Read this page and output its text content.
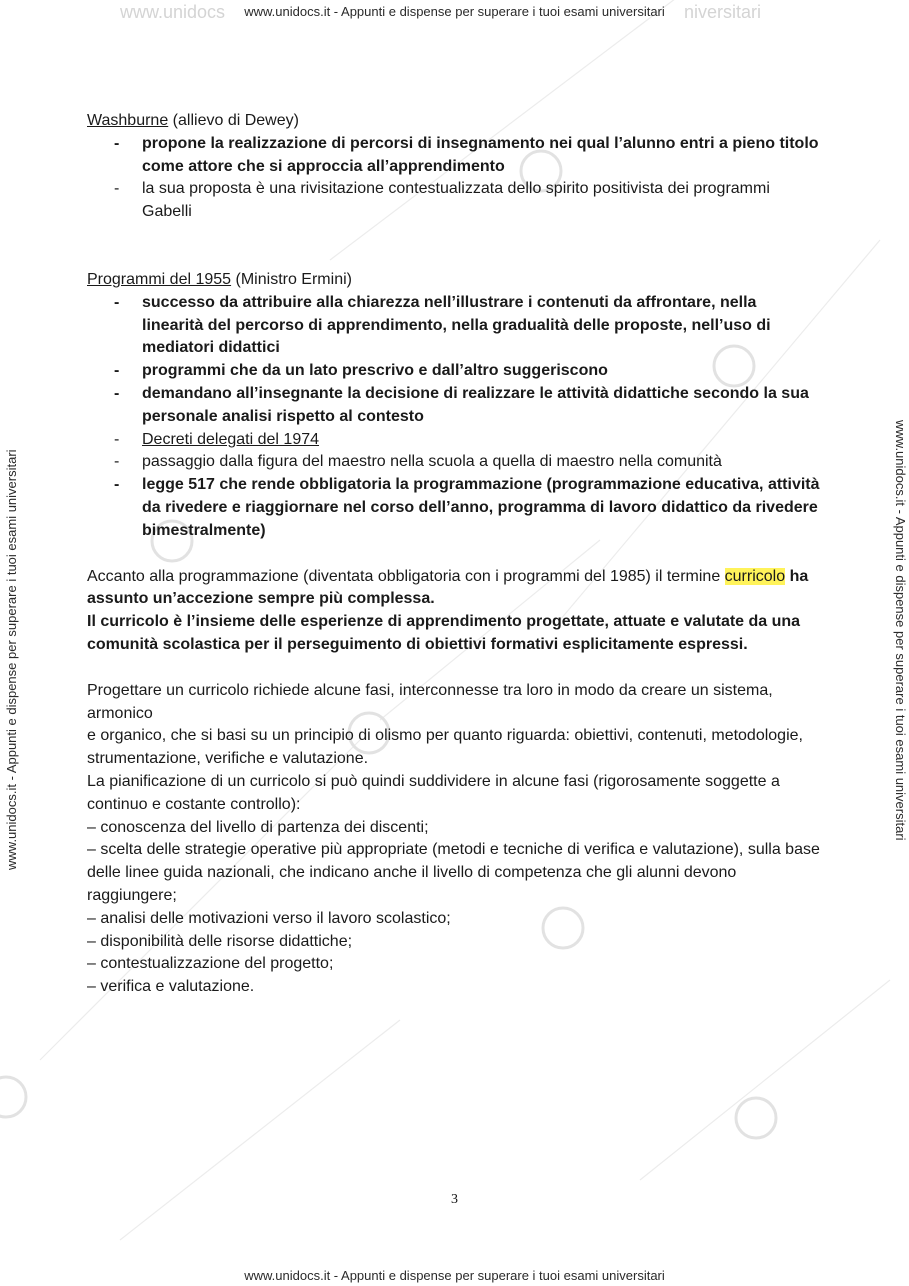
www.unidocs.it - Appunti e dispense per superare i tuoi esami universitari
www.unidocs	niversitari
www.unidocs.it - Appunti e dispense per superare i tuoi esami universitari	www.unidocs.it - Appunti e dispense per superare i tuoi esami universitari

Washburne (allievo di Dewey)

- propone la realizzazione di percorsi di insegnamento nei qual l’alunno entri a pieno titolo come attore che si approccia all’apprendimento
- la sua proposta è una rivisitazione contestualizzata dello spirito positivista dei programmi Gabelli

Programmi del 1955 (Ministro Ermini)

- successo da attribuire alla chiarezza nell’illustrare i contenuti da affrontare, nella linearità del percorso di apprendimento, nella gradualità delle proposte, nell’uso di mediatori didattici
- programmi che da un lato prescrivo e dall’altro suggeriscono
- demandano all’insegnante la decisione di realizzare le attività didattiche secondo la sua personale analisi rispetto al contesto
- Decreti delegati del 1974
- passaggio dalla figura del maestro nella scuola a quella di maestro nella comunità
- legge 517 che rende obbligatoria la programmazione (programmazione educativa, attività da rivedere e riaggiornare nel corso dell’anno, programma di lavoro didattico da rivedere bimestralmente)

Accanto alla programmazione (diventata obbligatoria con i programmi del 1985) il termine curricolo ha assunto un’accezione sempre più complessa.

Il curricolo è l’insieme delle esperienze di apprendimento progettate, attuate e valutate da una comunità scolastica per il perseguimento di obiettivi formativi esplicitamente espressi.

Progettare un curricolo richiede alcune fasi, interconnesse tra loro in modo da creare un sistema, armonico

e organico, che si basi su un principio di olismo per quanto riguarda: obiettivi, contenuti, metodologie, strumentazione, verifiche e valutazione.

La pianificazione di un curricolo si può quindi suddividere in alcune fasi (rigorosamente soggette a continuo e costante controllo):

– conoscenza del livello di partenza dei discenti;

– scelta delle strategie operative più appropriate (metodi e tecniche di verifica e valutazione), sulla base delle linee guida nazionali, che indicano anche il livello di competenza che gli alunni devono raggiungere;

– analisi delle motivazioni verso il lavoro scolastico;

– disponibilità delle risorse didattiche;

– contestualizzazione del progetto;

– verifica e valutazione.

3
www.unidocs.it - Appunti e dispense per superare i tuoi esami universitari
